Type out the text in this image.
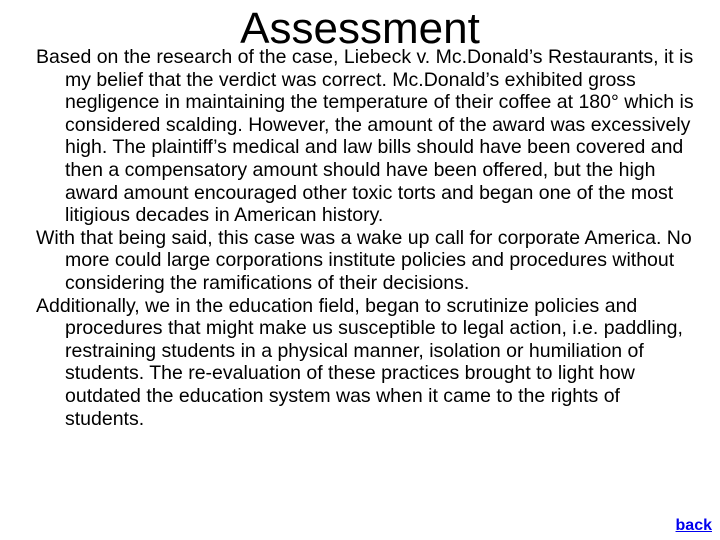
Assessment

Based on the research of the case, Liebeck v. Mc.Donald’s Restaurants, it is my belief that the verdict was correct. Mc.Donald’s exhibited gross negligence in maintaining the temperature of their coffee at 180° which is considered scalding. However, the amount of the award was excessively high. The plaintiff’s medical and law bills should have been covered and then a compensatory amount should have been offered, but the high award amount encouraged other toxic torts and began one of the most litigious decades in American history.

With that being said, this case was a wake up call for corporate America. No more could large corporations institute policies and procedures without considering the ramifications of their decisions.

Additionally, we in the education field, began to scrutinize policies and procedures that might make us susceptible to legal action, i.e. paddling, restraining students in a physical manner, isolation or humiliation of students. The re-evaluation of these practices brought to light how outdated the education system was when it came to the rights of students.

back
